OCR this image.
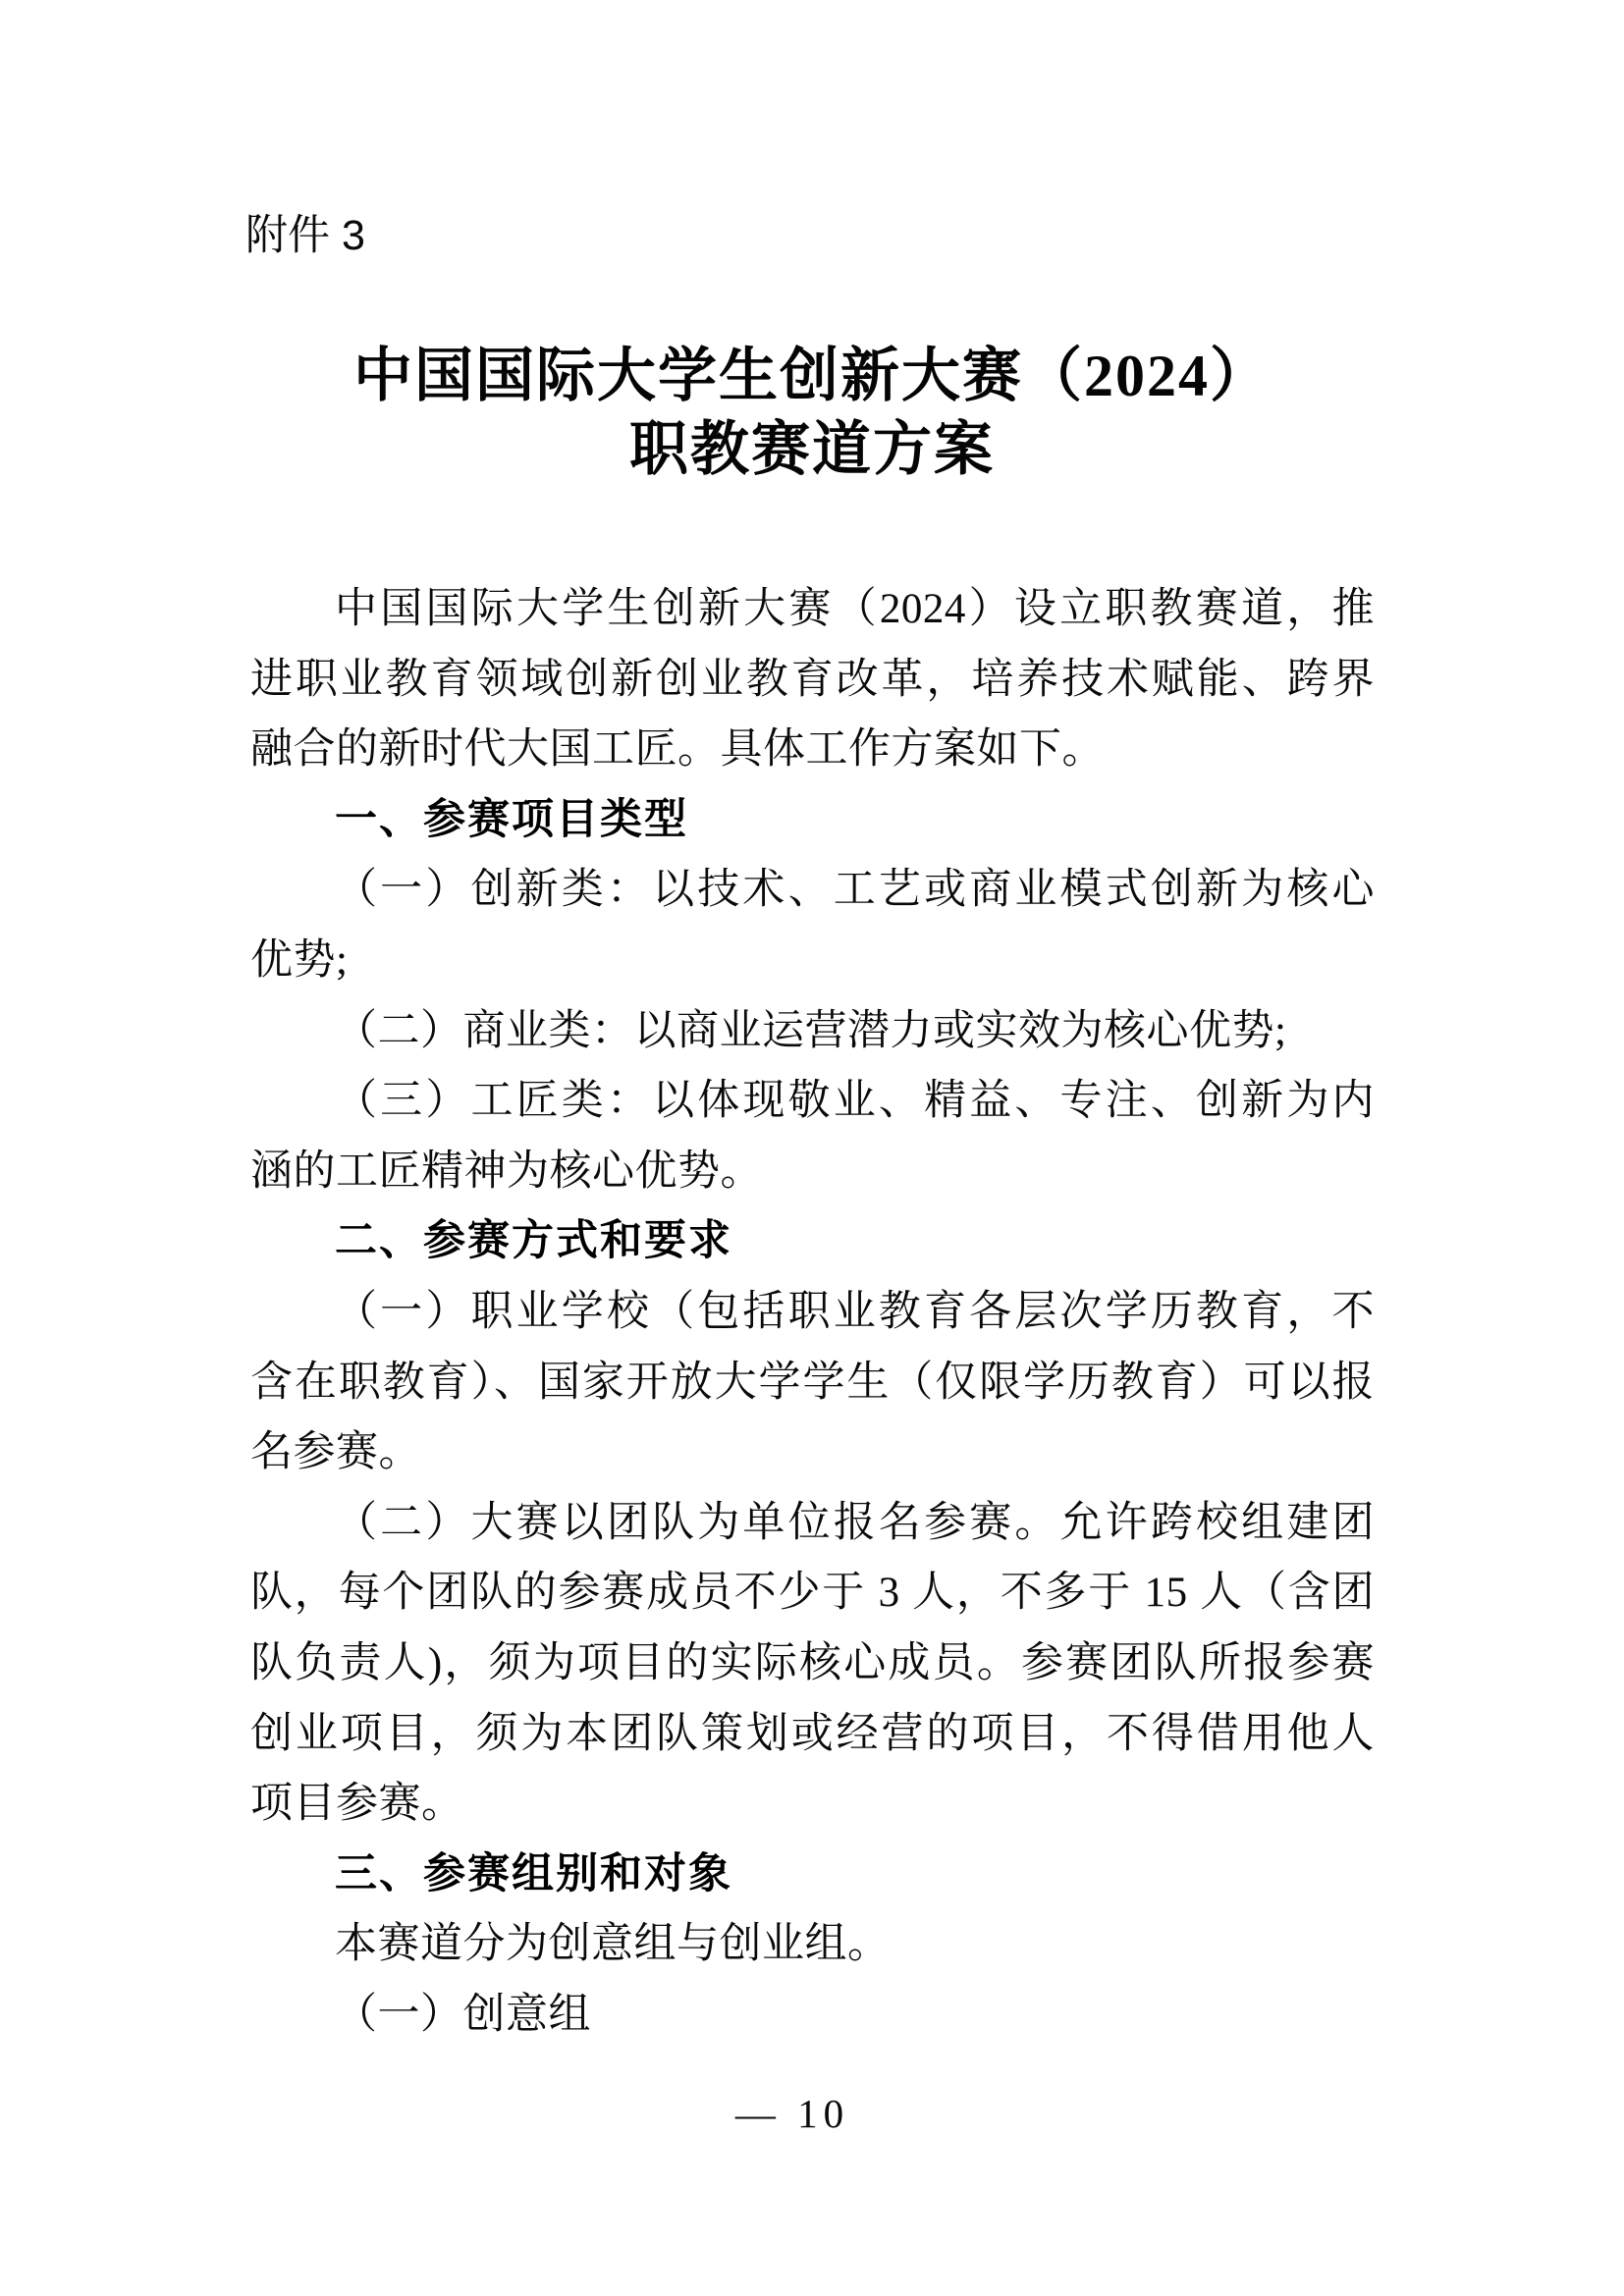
附件 3
中国国际大学生创新大赛（2024）
职教赛道方案
中国国际大学生创新大赛（2024）设立职教赛道，推
进职业教育领域创新创业教育改革，培养技术赋能、跨界
融合的新时代大国工匠。具体工作方案如下。
一、参赛项目类型
（一）创新类：以技术、工艺或商业模式创新为核心
优势;
（二）商业类：以商业运营潜力或实效为核心优势;
（三）工匠类：以体现敬业、精益、专注、创新为内
涵的工匠精神为核心优势。
二、参赛方式和要求
（一）职业学校（包括职业教育各层次学历教育，不
含在职教育）、国家开放大学学生（仅限学历教育）可以报
名参赛。
（二）大赛以团队为单位报名参赛。允许跨校组建团
队，每个团队的参赛成员不少于 3 人，不多于 15 人（含团
队负责人)，须为项目的实际核心成员。参赛团队所报参赛
创业项目，须为本团队策划或经营的项目，不得借用他人
项目参赛。
三、参赛组别和对象
本赛道分为创意组与创业组。
（一）创意组
— 10
